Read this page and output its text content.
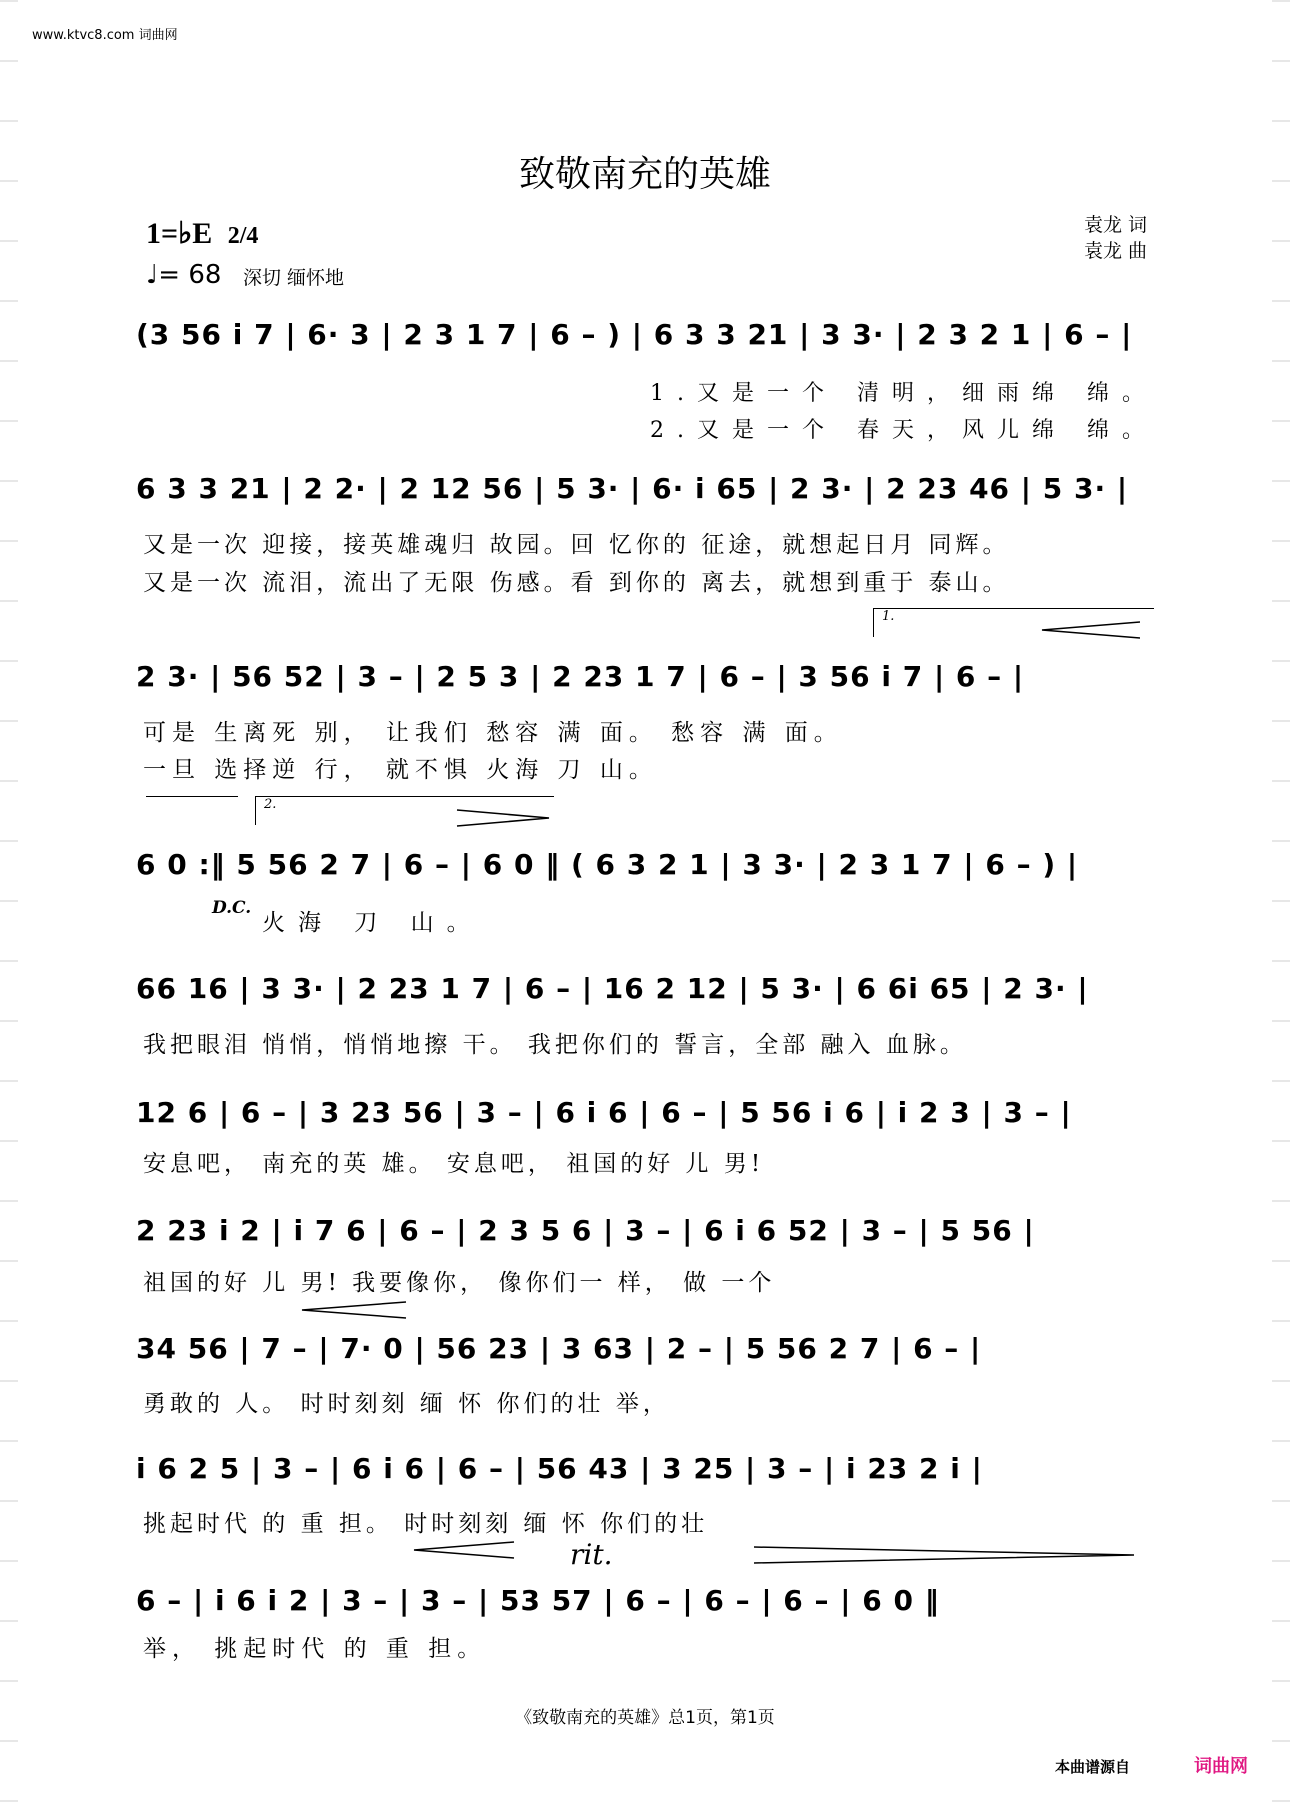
www.ktvc8.com 词曲网
致敬南充的英雄
1=♭E 2/4
♩= 68 深切 缅怀地
袁龙 词
袁龙 曲
(3 56 i 7 | 6· 3 | 2 3 1 7 | 6 – ) | 6 3 3 21 | 3 3· | 2 3 2 1 | 6 – |
1.又是一个 清明，细雨绵 绵。
2.又是一个 春天，风儿绵 绵。
6 3 3 21 | 2 2· | 2 12 56 | 5 3· | 6· i 65 | 2 3· | 2 23 46 | 5 3· |
又是一次 迎接，接英雄魂归 故园。回 忆你的 征途，就想起日月 同辉。
又是一次 流泪，流出了无限 伤感。看 到你的 离去，就想到重于 泰山。
1.
2 3· | 56 52 | 3 – | 2 5 3 | 2 23 1 7 | 6 – | 3 56 i 7 | 6 – |
可是 生离死 别， 让我们 愁容 满 面。 愁容 满 面。
一旦 选择逆 行， 就不惧 火海 刀 山。
2.
6 0 :‖ 5 56 2 7 | 6 – | 6 0 ‖ ( 6 3 2 1 | 3 3· | 2 3 1 7 | 6 – ) |
D.C.
火海 刀 山。
66 16 | 3 3· | 2 23 1 7 | 6 – | 16 2 12 | 5 3· | 6 6i 65 | 2 3· |
我把眼泪 悄悄，悄悄地擦 干。 我把你们的 誓言，全部 融入 血脉。
12 6 | 6 – | 3 23 56 | 3 – | 6 i 6 | 6 – | 5 56 i 6 | i 2 3 | 3 – |
安息吧， 南充的英 雄。 安息吧， 祖国的好 儿 男!
2 23 i 2 | i 7 6 | 6 – | 2 3 5 6 | 3 – | 6 i 6 52 | 3 – | 5 56 |
祖国的好 儿 男! 我要像你， 像你们一 样， 做 一个
34 56 | 7 – | 7· 0 | 56 23 | 3 63 | 2 – | 5 56 2 7 | 6 – |
勇敢的 人。 时时刻刻 缅 怀 你们的壮 举，
i 6 2 5 | 3 – | 6 i 6 | 6 – | 56 43 | 3 25 | 3 – | i 23 2 i |
挑起时代 的 重 担。 时时刻刻 缅 怀 你们的壮
rit.
6 – | i 6 i 2 | 3 – | 3 – | 53 57 | 6 – | 6 – | 6 – | 6 0 ‖
举， 挑起时代 的 重 担。
《致敬南充的英雄》总1页，第1页
本曲谱源自	词曲网
